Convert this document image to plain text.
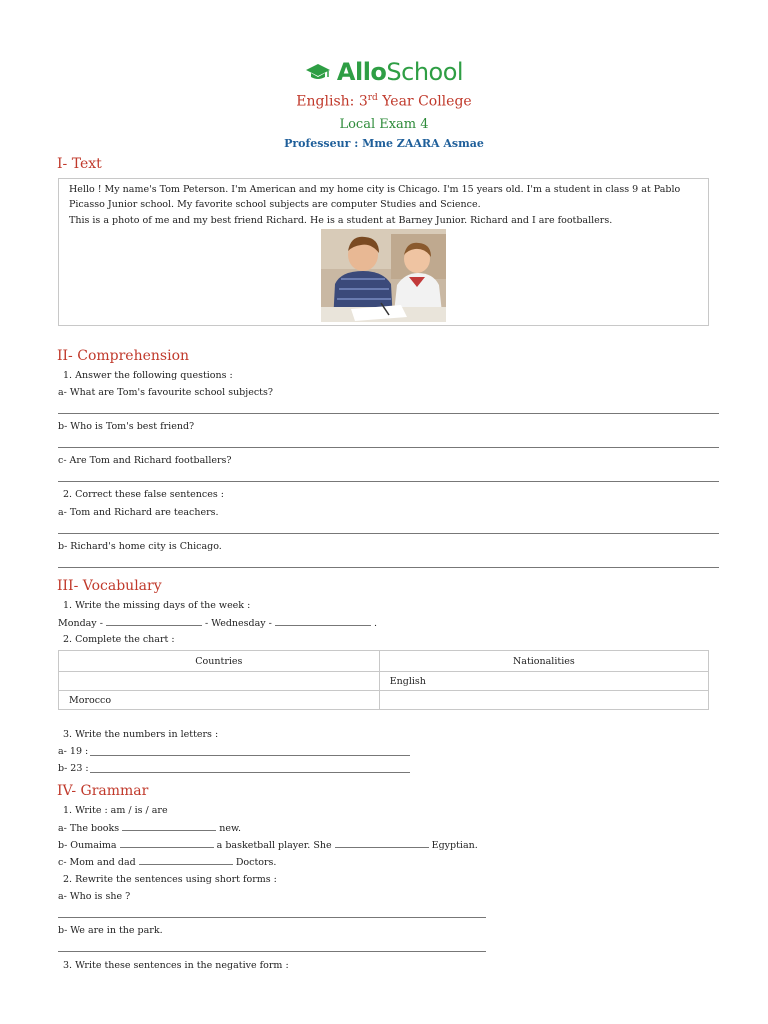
AlloSchool
English: 3rd Year College
Local Exam 4
Professeur : Mme ZAARA Asmae
I- Text
Hello ! My name's Tom Peterson. I'm American and my home city is Chicago. I'm 15 years old. I'm a student in class 9 at Pablo Picasso Junior school. My favorite school subjects are computer Studies and Science.
This is a photo of me and my best friend Richard. He is a student at Barney Junior. Richard and I are footballers.
II- Comprehension
1. Answer the following questions :
a- What are Tom's favourite school subjects?
b- Who is Tom's best friend?
c- Are Tom and Richard footballers?
2. Correct these false sentences :
a- Tom and Richard are teachers.
b- Richard's home city is Chicago.
III- Vocabulary
1. Write the missing days of the week :
Monday -	- Wednesday -	.
2. Complete the chart :
Countries	Nationalities
	English
Morocco	
3. Write the numbers in letters :
a- 19 :
b- 23 :
IV- Grammar
1. Write : am / is / are
a- The books	new.
b- Oumaima	a basketball player. She	Egyptian.
c- Mom and dad	Doctors.
2. Rewrite the sentences using short forms :
a- Who is she ?
b- We are in the park.
3. Write these sentences in the negative form :
